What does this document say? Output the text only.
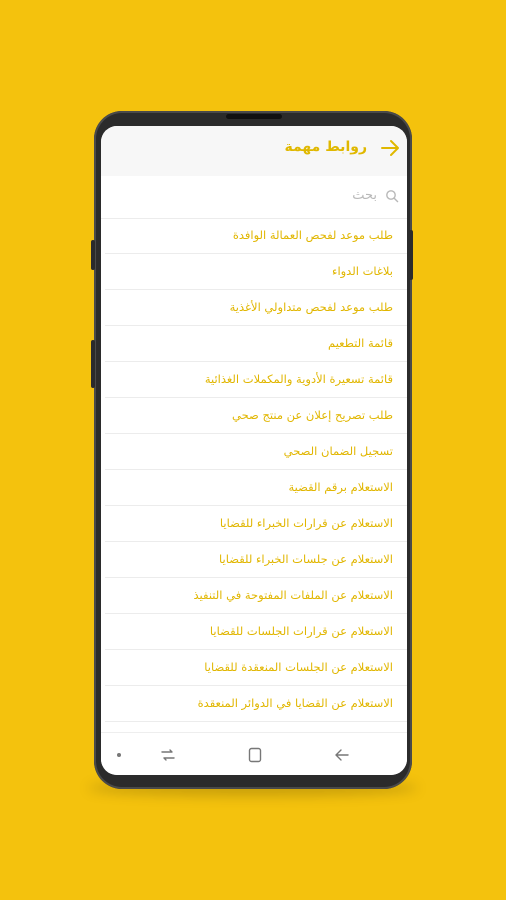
روابط مهمة
بحث
طلب موعد لفحص العمالة الوافدة
بلاغات الدواء
طلب موعد لفحص متداولي الأغذية
قائمة التطعيم
قائمة تسعيرة الأدوية والمكملات الغذائية
طلب تصريح إعلان عن منتج صحي
تسجيل الضمان الصحي
الاستعلام برقم القضية
الاستعلام عن قرارات الخبراء للقضايا
الاستعلام عن جلسات الخبراء للقضايا
الاستعلام عن الملفات المفتوحة في التنفيذ
الاستعلام عن قرارات الجلسات للقضايا
الاستعلام عن الجلسات المنعقدة للقضايا
الاستعلام عن القضايا في الدوائر المنعقدة
